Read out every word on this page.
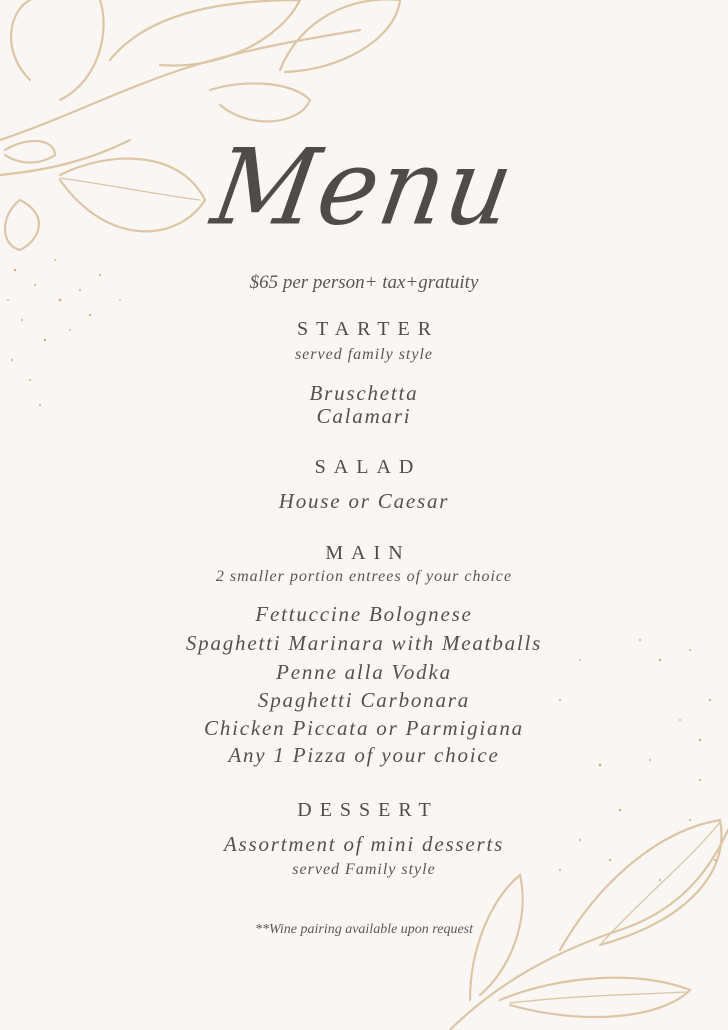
Menu
$65 per person+ tax+gratuity
STARTER
served family style
Bruschetta
Calamari
SALAD
House or Caesar
MAIN
2 smaller portion entrees of your choice
Fettuccine Bolognese
Spaghetti Marinara with Meatballs
Penne alla Vodka
Spaghetti Carbonara
Chicken Piccata or Parmigiana
Any 1 Pizza of your choice
DESSERT
Assortment of mini desserts
served Family style
**Wine pairing available upon request
